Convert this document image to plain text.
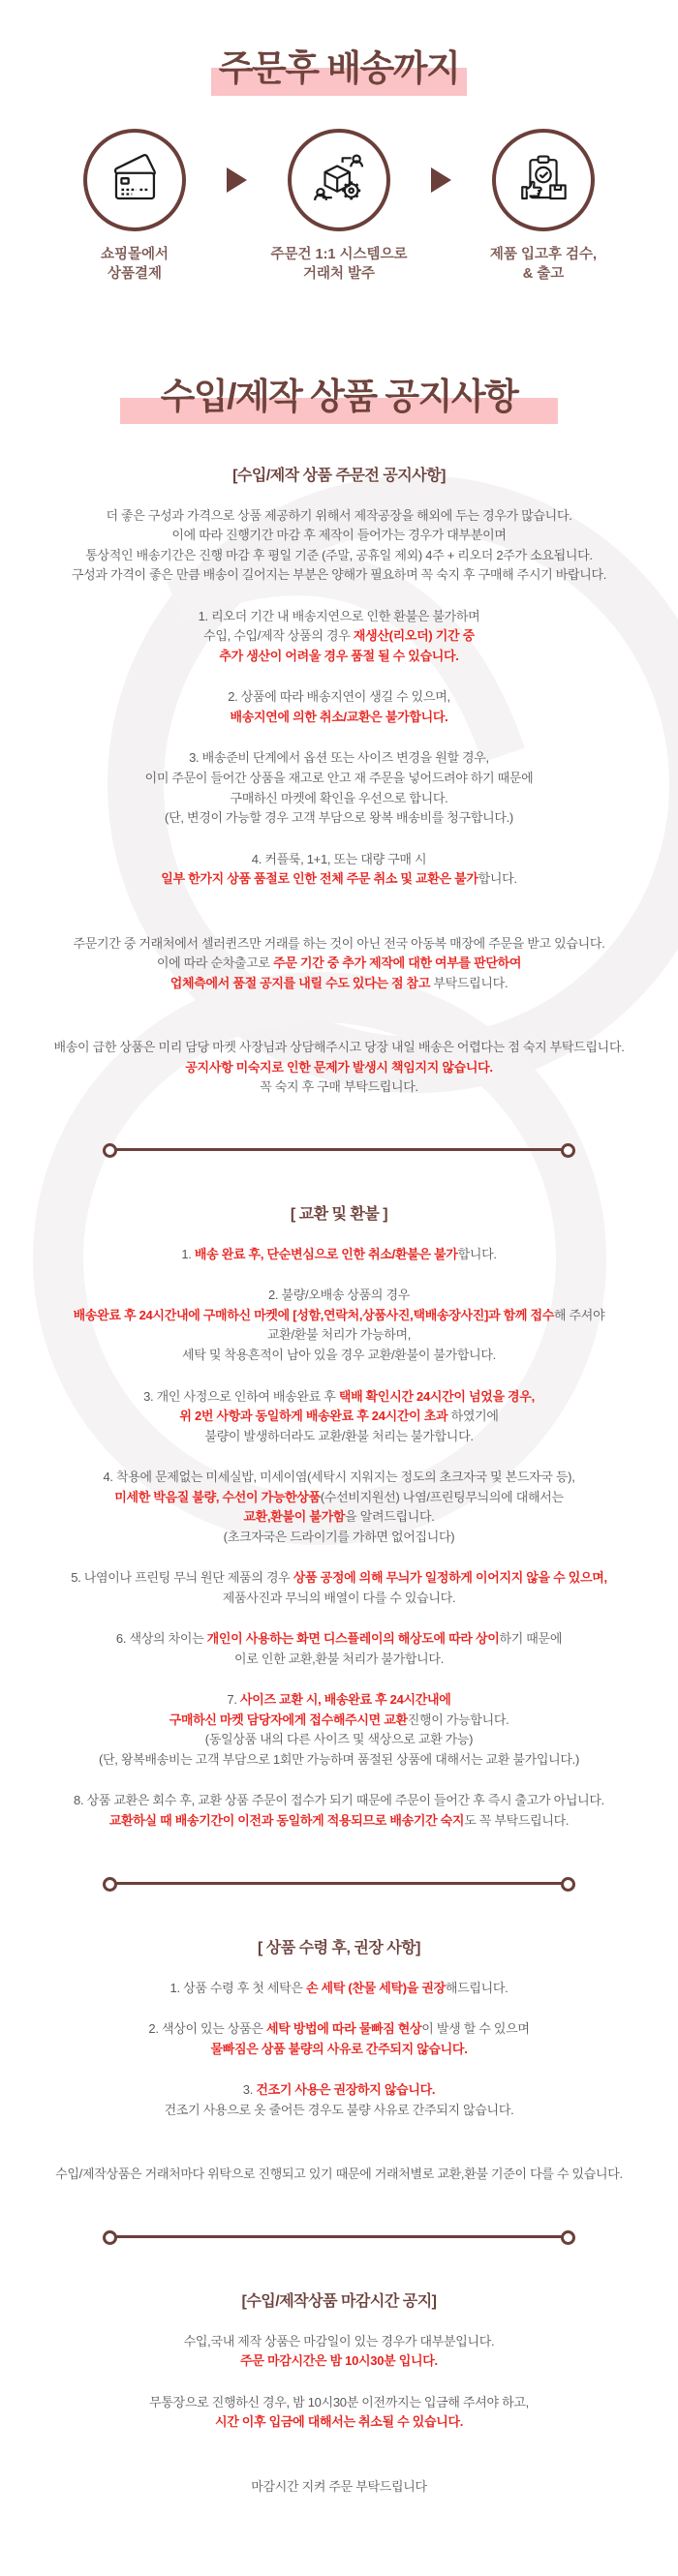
주문후 배송까지
쇼핑몰에서
상품결제
주문건 1:1 시스템으로
거래처 발주
제품 입고후 검수,
& 출고
수입/제작 상품 공지사항
[수입/제작 상품 주문전 공지사항]

더 좋은 구성과 가격으로 상품 제공하기 위해서 제작공장을 해외에 두는 경우가 많습니다.
이에 따라 진행기간 마감 후 제작이 들어가는 경우가 대부분이며
통상적인 배송기간은 진행 마감 후 평일 기준 (주말, 공휴일 제외) 4주 + 리오더 2주가 소요됩니다.
구성과 가격이 좋은 만큼 배송이 길어지는 부분은 양해가 필요하며 꼭 숙지 후 구매해 주시기 바랍니다.

1. 리오더 기간 내 배송지연으로 인한 환불은 불가하며
수입, 수입/제작 상품의 경우 재생산(리오더) 기간 중
추가 생산이 어려울 경우 품절 될 수 있습니다.

2. 상품에 따라 배송지연이 생길 수 있으며,
배송지연에 의한 취소/교환은 불가합니다.

3. 배송준비 단계에서 옵션 또는 사이즈 변경을 원할 경우,
이미 주문이 들어간 상품을 재고로 안고 재 주문을 넣어드려야 하기 때문에
구매하신 마켓에 확인을 우선으로 합니다.
(단, 변경이 가능할 경우 고객 부담으로 왕복 배송비를 청구합니다.)

4. 커플룩, 1+1, 또는 대량 구매 시
일부 한가지 상품 품절로 인한 전체 주문 취소 및 교환은 불가합니다.

주문기간 중 거래처에서 셀러퀸즈만 거래를 하는 것이 아닌 전국 아동복 매장에 주문을 받고 있습니다.
이에 따라 순차출고로 주문 기간 중 추가 제작에 대한 여부를 판단하여
업체측에서 품절 공지를 내릴 수도 있다는 점 참고 부탁드립니다.

배송이 급한 상품은 미리 담당 마켓 사장님과 상담해주시고 당장 내일 배송은 어렵다는 점 숙지 부탁드립니다.
공지사항 미숙지로 인한 문제가 발생시 책임지지 않습니다.
꼭 숙지 후 구매 부탁드립니다.

[ 교환 및 환불 ]

1. 배송 완료 후, 단순변심으로 인한 취소/환불은 불가합니다.

2. 불량/오배송 상품의 경우
배송완료 후 24시간내에 구매하신 마켓에 [성함,연락처,상품사진,택배송장사진]과 함께 접수해 주셔야
교환/환불 처리가 가능하며,
세탁 및 착용흔적이 남아 있을 경우 교환/환불이 불가합니다.

3. 개인 사정으로 인하여 배송완료 후 택배 확인시간 24시간이 넘었을 경우,
위 2번 사항과 동일하게 배송완료 후 24시간이 초과 하였기에
불량이 발생하더라도 교환/환불 처리는 불가합니다.

4. 착용에 문제없는 미세실밥, 미세이염(세탁시 지워지는 정도의 초크자국 및 본드자국 등),
미세한 박음질 불량, 수선이 가능한상품(수선비지원선) 나염/프린팅무늬의에 대해서는
교환,환불이 불가함을 알려드립니다.
(초크자국은 드라이기를 가하면 없어집니다)

5. 나염이나 프린팅 무늬 원단 제품의 경우 상품 공정에 의해 무늬가 일정하게 이어지지 않을 수 있으며,
제품사진과 무늬의 배열이 다를 수 있습니다.

6. 색상의 차이는 개인이 사용하는 화면 디스플레이의 해상도에 따라 상이하기 때문에
이로 인한 교환,환불 처리가 불가합니다.

7. 사이즈 교환 시, 배송완료 후 24시간내에
구매하신 마켓 담당자에게 접수해주시면 교환진행이 가능합니다.
(동일상품 내의 다른 사이즈 및 색상으로 교환 가능)
(단, 왕복배송비는 고객 부담으로 1회만 가능하며 품절된 상품에 대해서는 교환 불가입니다.)

8. 상품 교환은 회수 후, 교환 상품 주문이 접수가 되기 때문에 주문이 들어간 후 즉시 출고가 아닙니다.
교환하실 때 배송기간이 이전과 동일하게 적용되므로 배송기간 숙지도 꼭 부탁드립니다.

[ 상품 수령 후, 권장 사항]

1. 상품 수령 후 첫 세탁은 손 세탁 (찬물 세탁)을 권장해드립니다.

2. 색상이 있는 상품은 세탁 방법에 따라 물빠짐 현상이 발생 할 수 있으며
물빠짐은 상품 불량의 사유로 간주되지 않습니다.

3. 건조기 사용은 권장하지 않습니다.
건조기 사용으로 옷 줄어든 경우도 불량 사유로 간주되지 않습니다.

수입/제작상품은 거래처마다 위탁으로 진행되고 있기 때문에 거래처별로 교환,환불 기준이 다를 수 있습니다.

[수입/제작상품 마감시간 공지]

수입,국내 제작 상품은 마감일이 있는 경우가 대부분입니다.
주문 마감시간은 밤 10시30분 입니다.

무통장으로 진행하신 경우, 밤 10시30분 이전까지는 입금해 주셔야 하고,
시간 이후 입금에 대해서는 취소될 수 있습니다.

마감시간 지켜 주문 부탁드립니다
